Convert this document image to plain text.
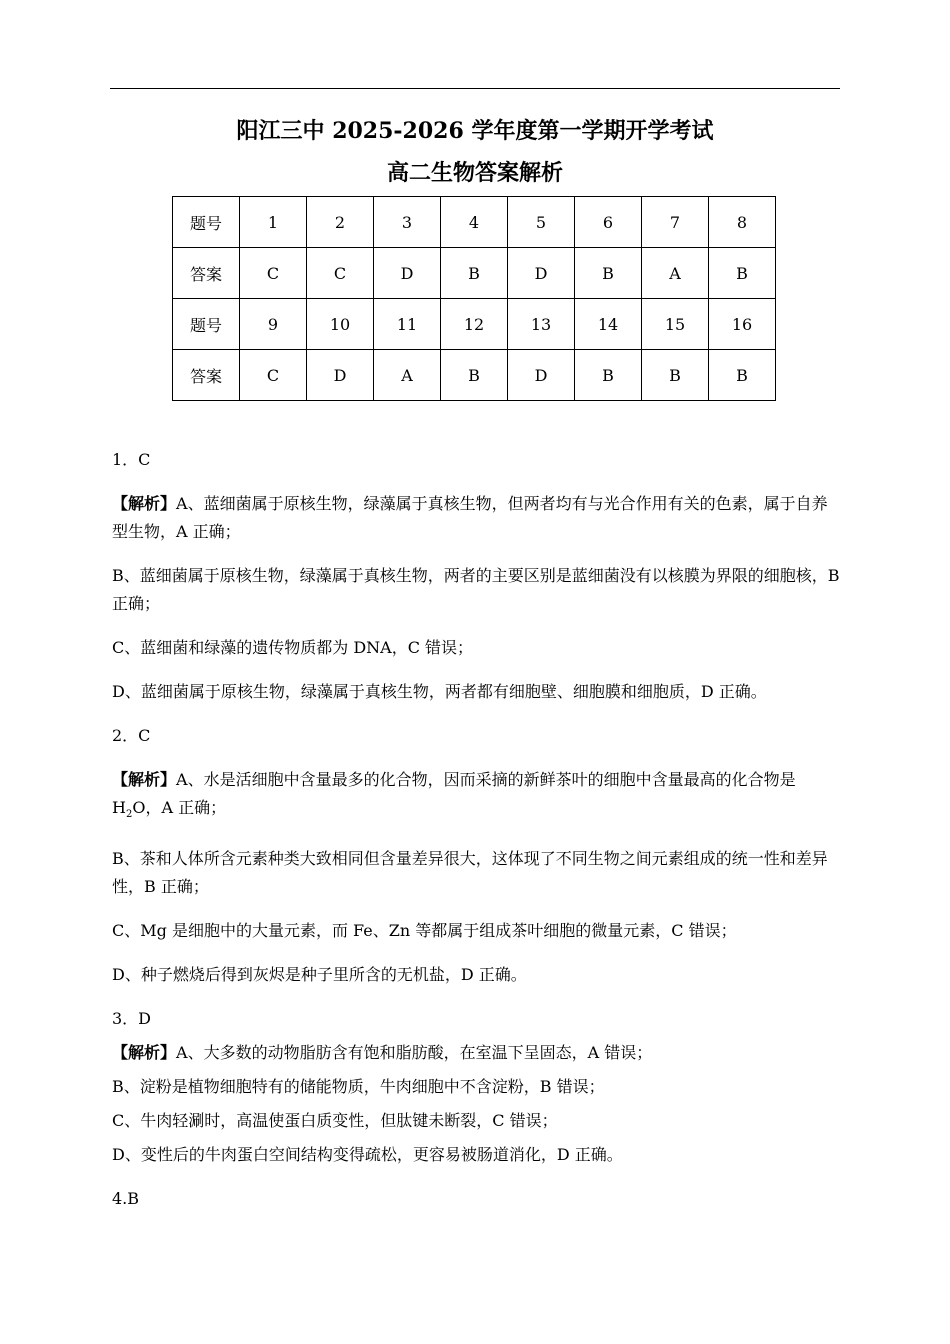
阳江三中 2025-2026 学年度第一学期开学考试
高二生物答案解析
题号	1	2	3	4	5	6	7	8
答案	C	C	D	B	D	B	A	B
题号	9	10	11	12	13	14	15	16
答案	C	D	A	B	D	B	B	B

1．C

【解析】A、蓝细菌属于原核生物，绿藻属于真核生物，但两者均有与光合作用有关的色素，属于自养型生物，A 正确；

B、蓝细菌属于原核生物，绿藻属于真核生物，两者的主要区别是蓝细菌没有以核膜为界限的细胞核，B 正确；

C、蓝细菌和绿藻的遗传物质都为 DNA，C 错误；

D、蓝细菌属于原核生物，绿藻属于真核生物，两者都有细胞壁、细胞膜和细胞质，D 正确。

2．C

【解析】A、水是活细胞中含量最多的化合物，因而采摘的新鲜茶叶的细胞中含量最高的化合物是$H_2O$，A 正确；

B、茶和人体所含元素种类大致相同但含量差异很大，这体现了不同生物之间元素组成的统一性和差异性，B 正确；

C、Mg 是细胞中的大量元素，而 Fe、Zn 等都属于组成茶叶细胞的微量元素，C 错误；

D、种子燃烧后得到灰烬是种子里所含的无机盐，D 正确。

3．D

【解析】A、大多数的动物脂肪含有饱和脂肪酸，在室温下呈固态，A 错误；

B、淀粉是植物细胞特有的储能物质，牛肉细胞中不含淀粉，B 错误；

C、牛肉轻涮时，高温使蛋白质变性，但肽键未断裂，C 错误；

D、变性后的牛肉蛋白空间结构变得疏松，更容易被肠道消化，D 正确。

4.B
